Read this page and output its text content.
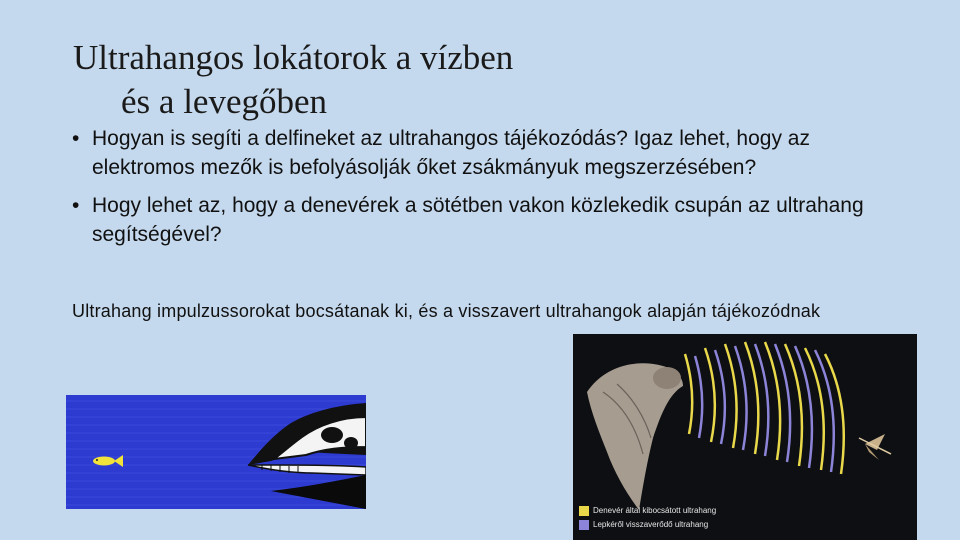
Ultrahangos lokátorok a vízben
és a levegőben
• Hogyan is segíti a delfineket az ultrahangos tájékozódás? Igaz lehet, hogy az elektromos mezők is befolyásolják őket zsákmányuk megszerzésében?
• Hogy lehet az, hogy a denevérek a sötétben vakon közlekedik csupán az ultrahang segítségével?
Ultrahang impulzussorokat bocsátanak ki, és a visszavert ultrahangok alapján tájékozódnak
Denevér által kibocsátott ultrahang
Lepkéről visszaverődő ultrahang
